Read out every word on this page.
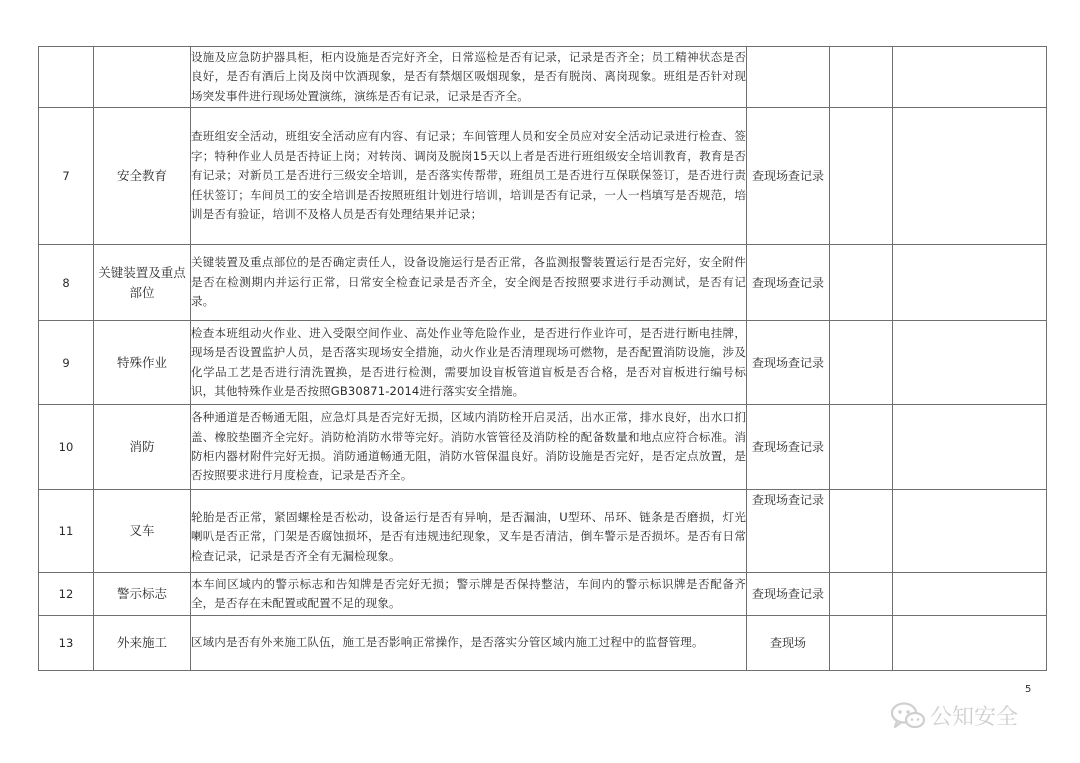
		设施及应急防护器具柜，柜内设施是否完好齐全，日常巡检是否有记录，记录是否齐全；员工精神状态是否良好，是否有酒后上岗及岗中饮酒现象，是否有禁烟区吸烟现象，是否有脱岗、离岗现象。班组是否针对现场突发事件进行现场处置演练，演练是否有记录，记录是否齐全。			

7	安全教育	查班组安全活动，班组安全活动应有内容、有记录；车间管理人员和安全员应对安全活动记录进行检查、签字；特种作业人员是否持证上岗；对转岗、调岗及脱岗15天以上者是否进行班组级安全培训教育，教育是否有记录；对新员工是否进行三级安全培训，是否落实传帮带，班组员工是否进行互保联保签订，是否进行责任状签订；车间员工的安全培训是否按照班组计划进行培训，培训是否有记录，一人一档填写是否规范，培训是否有验证，培训不及格人员是否有处理结果并记录；	查现场查记录		
8	关键装置及重点部位	关键装置及重点部位的是否确定责任人，设备设施运行是否正常，各监测报警装置运行是否完好，安全附件是否在检测期内并运行正常，日常安全检查记录是否齐全，安全阀是否按照要求进行手动测试，是否有记录。	查现场查记录		
9	特殊作业	检查本班组动火作业、进入受限空间作业、高处作业等危险作业，是否进行作业许可，是否进行断电挂牌，现场是否设置监护人员，是否落实现场安全措施，动火作业是否清理现场可燃物，是否配置消防设施，涉及化学品工艺是否进行清洗置换，是否进行检测，需要加设盲板管道盲板是否合格，是否对盲板进行编号标识，其他特殊作业是否按照GB30871-2014进行落实安全措施。	查现场查记录		
10	消防	各种通道是否畅通无阻，应急灯具是否完好无损，区域内消防栓开启灵活，出水正常，排水良好，出水口扪盖、橡胶垫圈齐全完好。消防枪消防水带等完好。消防水管管径及消防栓的配备数量和地点应符合标准。消防柜内器材附件完好无损。消防通道畅通无阻，消防水管保温良好。消防设施是否完好，是否定点放置，是否按照要求进行月度检查，记录是否齐全。	查现场查记录		
11	叉车	轮胎是否正常，紧固螺栓是否松动，设备运行是否有异响，是否漏油，U型环、吊环、链条是否磨损，灯光喇叭是否正常，门架是否腐蚀损坏，是否有违规违纪现象，叉车是否清洁，倒车警示是否损坏。是否有日常检查记录，记录是否齐全有无漏检现象。	查现场查记录		
12	警示标志	本车间区域内的警示标志和告知牌是否完好无损；警示牌是否保持整洁，车间内的警示标识牌是否配备齐全，是否存在未配置或配置不足的现象。	查现场查记录		
13	外来施工	区域内是否有外来施工队伍，施工是否影响正常操作，是否落实分管区域内施工过程中的监督管理。	查现场		
5
公知安全
